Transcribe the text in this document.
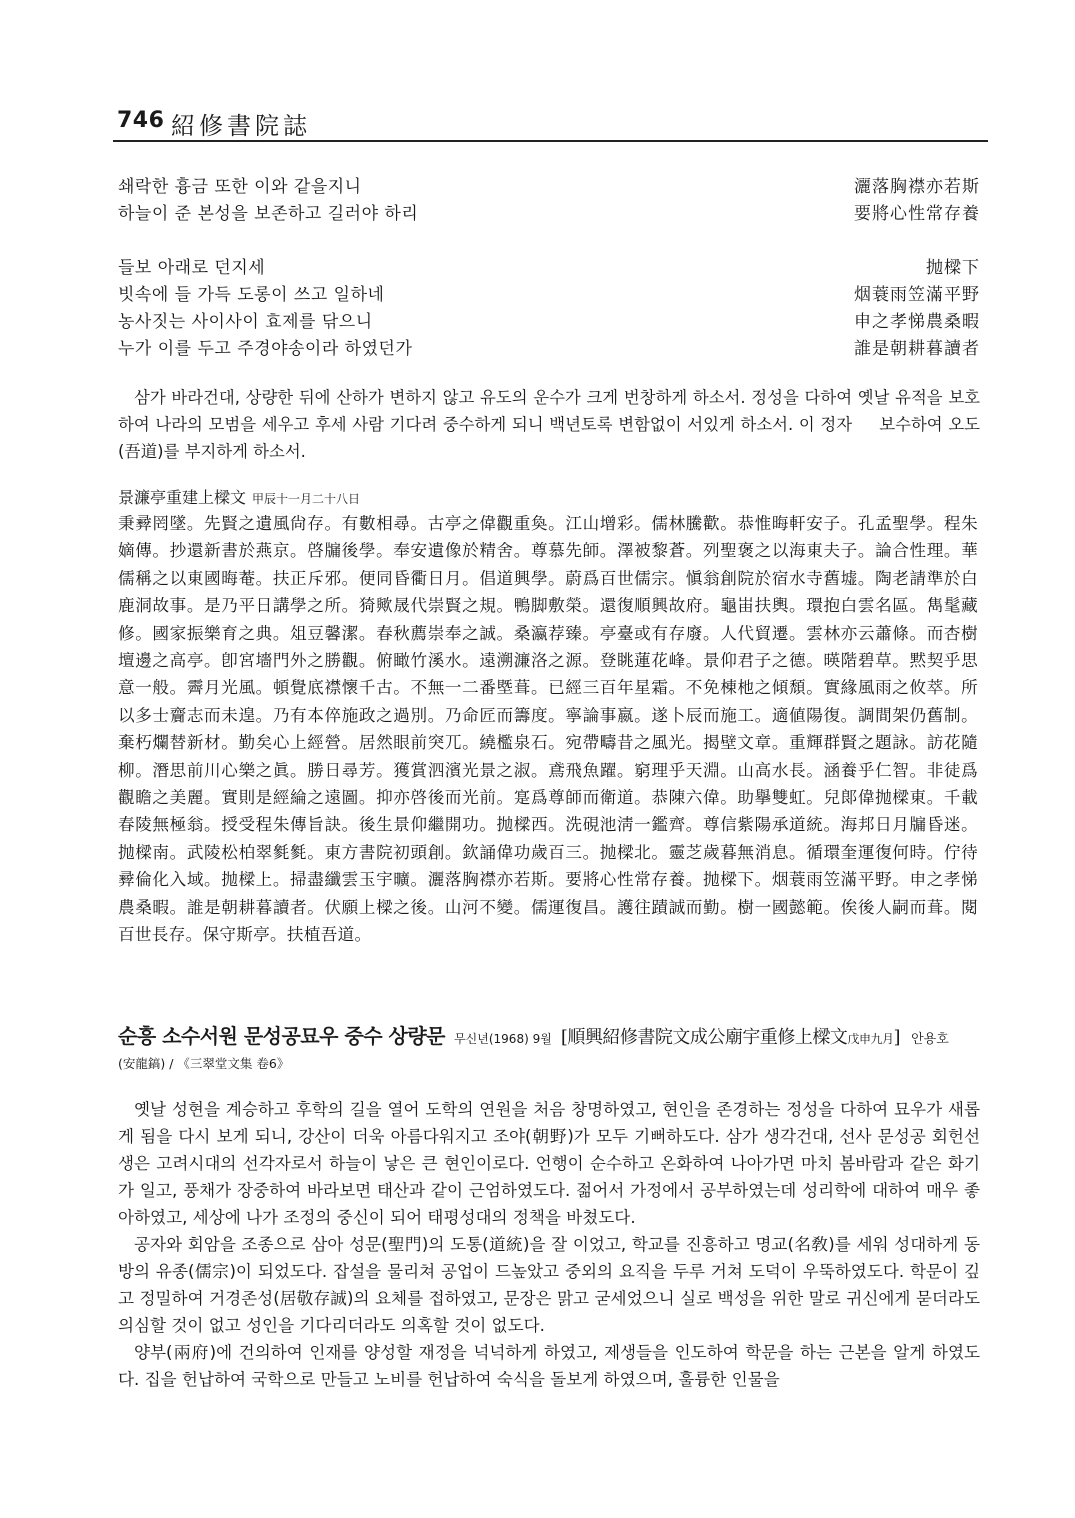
746 紹修書院誌
쇄락한 흉금 또한 이와 같을지니	灑落胸襟亦若斯
하늘이 준 본성을 보존하고 길러야 하리	要將心性常存養
들보 아래로 던지세	抛樑下
빗속에 들 가득 도롱이 쓰고 일하네	烟蓑雨笠滿平野
농사짓는 사이사이 효제를 닦으니	申之孝悌農桑暇
누가 이를 두고 주경야송이라 하였던가	誰是朝耕暮讀者

삼가 바라건대, 상량한 뒤에 산하가 변하지 않고 유도의 운수가 크게 번창하게 하소서. 정성을 다하여 옛날 유적을 보호하여 나라의 모범을 세우고 후세 사람 기다려 중수하게 되니 백년토록 변함없이 서있게 하소서. 이 정자 ᅟ 보수하여 오도(吾道)를 부지하게 하소서.

景濂亭重建上樑文 甲辰十一月二十八日

秉彛罔墜。先賢之遺風尙存。有數相尋。古亭之偉觀重奐。江山增彩。儒林騰歡。恭惟晦軒安子。孔孟聖學。程朱嫡傳。抄還新書於燕京。啓牖後學。奉安遺像於精舍。尊慕先師。澤被黎蒼。列聖褒之以海東夫子。論合性理。華儒稱之以東國晦菴。扶正斥邪。便同昏衢日月。倡道興學。蔚爲百世儒宗。愼翁創院於宿水寺舊墟。陶老請準於白鹿洞故事。是乃平日講學之所。猗歟晟代崇賢之規。鴨脚敷榮。還復順興故府。龜峀扶輿。環抱白雲名區。雋髦藏修。國家振樂育之典。俎豆馨潔。春秋薦崇奉之誠。桑瀛荐臻。亭臺或有存廢。人代貿遷。雲林亦云蕭條。而杏樹壇邊之高亭。卽宮墻門外之勝觀。俯瞰竹溪水。遠溯濂洛之源。登眺蓮花峰。景仰君子之德。暎階碧草。黙契乎思意一般。霽月光風。頓覺底襟懷千古。不無一二番塈葺。已經三百年星霜。不免棟杝之傾頹。實緣風雨之攸萃。所以多士齎志而未遑。乃有本倅施政之過別。乃命匠而籌度。寧論事嬴。遂卜辰而施工。適値陽復。調間架仍舊制。棄朽爛替新材。勤矣心上經營。居然眼前突兀。繞檻泉石。宛帶疇昔之風光。揭壁文章。重輝群賢之題詠。訪花隨柳。潛思前川心樂之眞。勝日尋芳。獲賞泗濱光景之淑。鳶飛魚躍。窮理乎天淵。山高水長。涵養乎仁智。非徒爲觀瞻之美麗。實則是經綸之遠圖。抑亦啓後而光前。寔爲尊師而衛道。恭陳六偉。助擧雙虹。兒郞偉抛樑東。千載春陵無極翁。授受程朱傳旨訣。後生景仰繼開功。抛樑西。洗硯池淸一鑑齊。尊信紫陽承道統。海邦日月牖昏迷。抛樑南。武陵松柏翠毿毿。東方書院初頭創。欽誦偉功歲百三。抛樑北。靈芝歲暮無消息。循環奎運復何時。佇待彛倫化入域。抛樑上。掃盡纖雲玉宇曠。灑落胸襟亦若斯。要將心性常存養。抛樑下。烟蓑雨笠滿平野。申之孝悌農桑暇。誰是朝耕暮讀者。伏願上樑之後。山河不變。儒運復昌。護往蹟誠而勤。樹一國懿範。俟後人嗣而葺。閱百世長存。保守斯亭。扶植吾道。

순흥 소수서원 문성공묘우 중수 상량문 무신년(1968) 9월 [順興紹修書院文成公廟宇重修上樑文戊申九月] 안용호
(安龍鎬) / 《三翠堂文集 卷6》

옛날 성현을 계승하고 후학의 길을 열어 도학의 연원을 처음 창명하였고, 현인을 존경하는 정성을 다하여 묘우가 새롭게 됨을 다시 보게 되니, 강산이 더욱 아름다워지고 조야(朝野)가 모두 기뻐하도다. 삼가 생각건대, 선사 문성공 회헌선생은 고려시대의 선각자로서 하늘이 낳은 큰 현인이로다. 언행이 순수하고 온화하여 나아가면 마치 봄바람과 같은 화기가 일고, 풍채가 장중하여 바라보면 태산과 같이 근엄하였도다. 젊어서 가정에서 공부하였는데 성리학에 대하여 매우 좋아하였고, 세상에 나가 조정의 중신이 되어 태평성대의 정책을 바쳤도다.

공자와 회암을 조종으로 삼아 성문(聖門)의 도통(道統)을 잘 이었고, 학교를 진흥하고 명교(名敎)를 세워 성대하게 동방의 유종(儒宗)이 되었도다. 잡설을 물리쳐 공업이 드높았고 중외의 요직을 두루 거쳐 도덕이 우뚝하였도다. 학문이 깊고 정밀하여 거경존성(居敬存誠)의 요체를 접하였고, 문장은 맑고 굳세었으니 실로 백성을 위한 말로 귀신에게 묻더라도 의심할 것이 없고 성인을 기다리더라도 의혹할 것이 없도다.

양부(兩府)에 건의하여 인재를 양성할 재정을 넉넉하게 하였고, 제생들을 인도하여 학문을 하는 근본을 알게 하였도다. 집을 헌납하여 국학으로 만들고 노비를 헌납하여 숙식을 돌보게 하였으며, 훌륭한 인물을
